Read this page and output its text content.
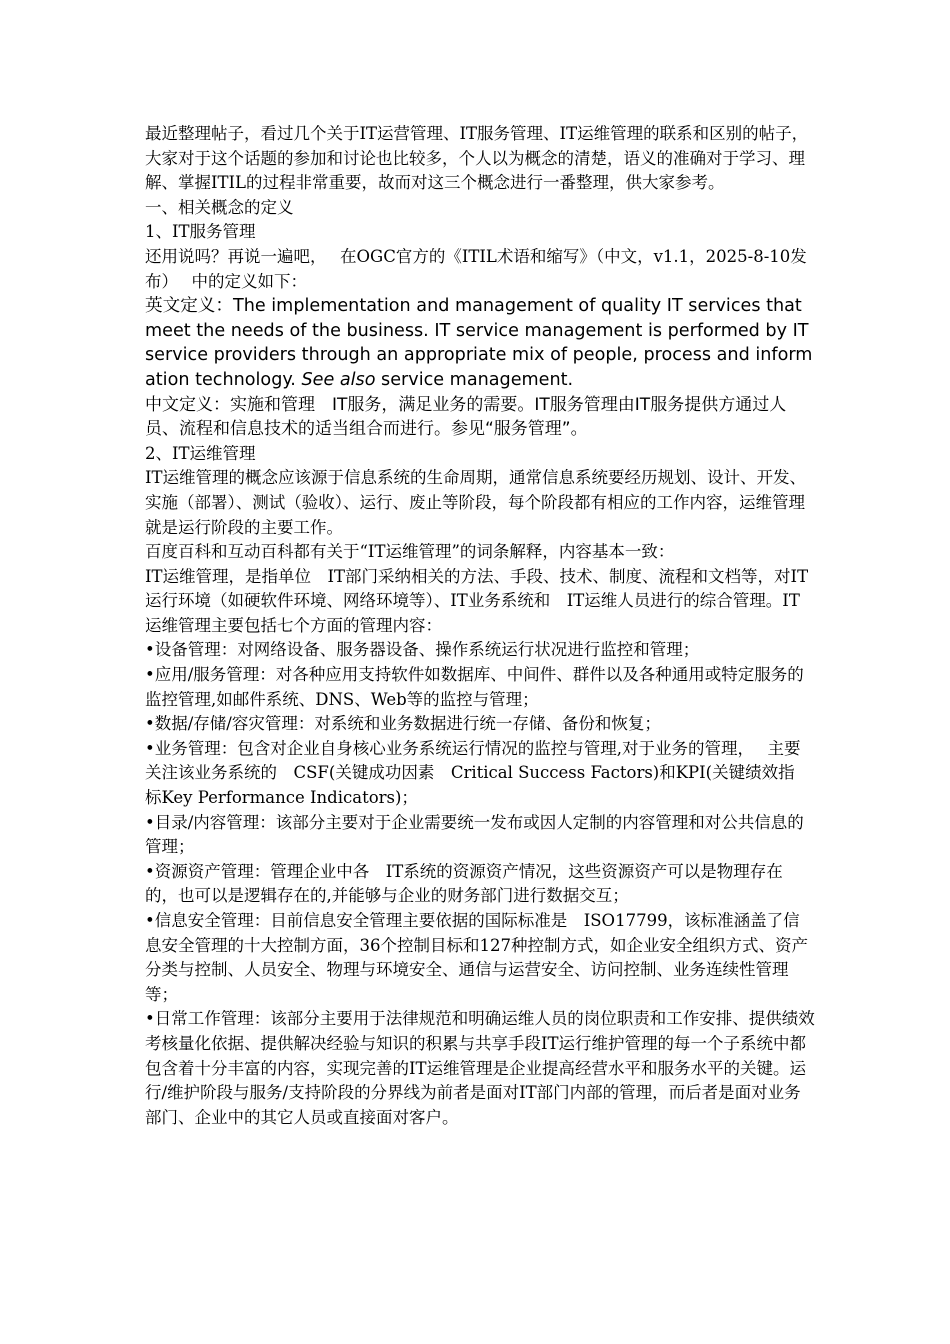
最近整理帖子，看过几个关于IT运营管理、IT服务管理、IT运维管理的联系和区别的帖子，大家对于这个话题的参加和讨论也比较多，个人以为概念的清楚，语义的准确对于学习、理解、掌握ITIL的过程非常重要，故而对这三个概念进行一番整理，供大家参考。

一、相关概念的定义

1、IT服务管理

还用说吗？再说一遍吧，　 在OGC官方的《ITIL术语和缩写》（中文，v1.1，2025-8-10发布）　 中的定义如下：

英文定义：The implementation and management of quality IT services that meet the needs of the business. IT service management is performed by IT service providers through an appropriate mix of people, process and information technology. See also service management.

中文定义：实施和管理　IT服务，满足业务的需要。IT服务管理由IT服务提供方通过人员、流程和信息技术的适当组合而进行。参见“服务管理”。

2、IT运维管理

IT运维管理的概念应该源于信息系统的生命周期，通常信息系统要经历规划、设计、开发、实施（部署）、测试（验收）、运行、废止等阶段，每个阶段都有相应的工作内容，运维管理就是运行阶段的主要工作。

百度百科和互动百科都有关于“IT运维管理”的词条解释，内容基本一致：

IT运维管理，是指单位　IT部门采纳相关的方法、手段、技术、制度、流程和文档等，对IT运行环境（如硬软件环境、网络环境等）、IT业务系统和　IT运维人员进行的综合管理。IT运维管理主要包括七个方面的管理内容：

•设备管理：对网络设备、服务器设备、操作系统运行状况进行监控和管理；

•应用/服务管理：对各种应用支持软件如数据库、中间件、群件以及各种通用或特定服务的监控管理,如邮件系统、DNS、Web等的监控与管理；

•数据/存储/容灾管理：对系统和业务数据进行统一存储、备份和恢复；

•业务管理：包含对企业自身核心业务系统运行情况的监控与管理,对于业务的管理，　 主要关注该业务系统的　CSF(关键成功因素　Critical Success Factors)和KPI(关键绩效指　标Key Performance Indicators)；

•目录/内容管理：该部分主要对于企业需要统一发布或因人定制的内容管理和对公共信息的管理；

•资源资产管理：管理企业中各　IT系统的资源资产情况，这些资源资产可以是物理存在的，也可以是逻辑存在的,并能够与企业的财务部门进行数据交互；

•信息安全管理：目前信息安全管理主要依据的国际标准是　ISO17799，该标准涵盖了信息安全管理的十大控制方面，36个控制目标和127种控制方式，如企业安全组织方式、资产分类与控制、人员安全、物理与环境安全、通信与运营安全、访问控制、业务连续性管理等；

•日常工作管理：该部分主要用于法律规范和明确运维人员的岗位职责和工作安排、提供绩效考核量化依据、提供解决经验与知识的积累与共享手段IT运行维护管理的每一个子系统中都包含着十分丰富的内容，实现完善的IT运维管理是企业提高经营水平和服务水平的关键。运行/维护阶段与服务/支持阶段的分界线为前者是面对IT部门内部的管理，而后者是面对业务部门、企业中的其它人员或直接面对客户。
